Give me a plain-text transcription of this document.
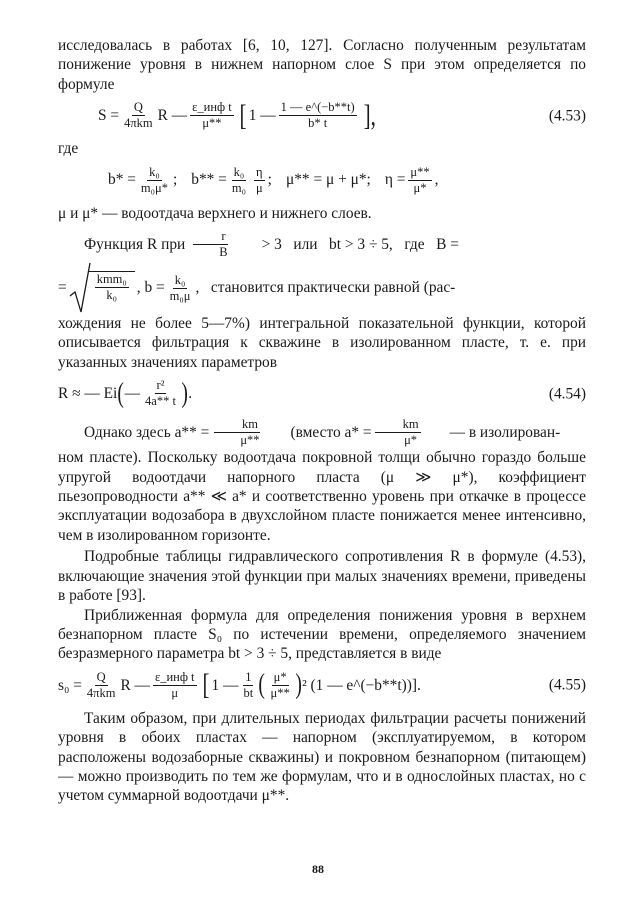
исследовалась в работах [6, 10, 127]. Согласно полученным результатам понижение уровня в нижнем напорном слое S при этом определяется по формуле

$S = \frac{Q}{\text{4πkm}}$ R — $\frac{\text{ε\_инф t}}{\mu**}$ [ 1 — $\frac{1 — e\^{}(-b**t)}{b* t}$ ],	(4.53)

где

$b* = \frac{\text{k₀}}{\text{m₀μ*}}$ ; $b** = \frac{\text{k₀}}{\text{m₀}} \frac{\eta}{\mu}$ ; μ** = μ + μ*; $\eta = \frac{\mu**}{\mu*}$ ,

μ и μ* — водоотдача верхнего и нижнего слоев.

Функция R при $\frac{r}{B}$	> 3   или   bt > 3 ÷ 5,   где   B =
= $\frac{\text{kmm₀}}{\text{k₀}}$ , $b = \frac{\text{k₀}}{\text{m₀μ}}$ ,   становится практически равной (рас-

хождения не более 5—7%) интегральной показательной функции, которой описывается фильтрация к скважине в изолированном пласте, т. е. при указанных значениях параметров

R ≈ — Ei ( — $\frac{\text{r²}}{4a** t}$ ) .	(4.54)
Однако здесь $a** = \frac{km}{\mu**}$	(вместо $a* = \frac{km}{\mu*}$	— в изолирован-

ном пласте). Поскольку водоотдача покровной толщи обычно гораздо больше упругой водоотдачи напорного пласта (μ ≫ μ*), коэффициент пьезопроводности a** ≪ a* и соответственно уровень при откачке в процессе эксплуатации водозабора в двухслойном пласте понижается менее интенсивно, чем в изолированном горизонте.

Подробные таблицы гидравлического сопротивления R в формуле (4.53), включающие значения этой функции при малых значениях времени, приведены в работе [93].

Приближенная формула для определения понижения уровня в верхнем безнапорном пласте S₀ по истечении времени, определяемого значением безразмерного параметра bt > 3 ÷ 5, представляется в виде

$s_0 = \frac{Q}{\text{4πkm}}$ R — $\frac{\text{ε\_инф t}}{\mu}$ [ 1 — $\frac{1}{bt}$ ( $\frac{\mu*}{\mu**}$ ) ² (1 — e^(−b**t)) ].	(4.55)

Таким образом, при длительных периодах фильтрации расчеты понижений уровня в обоих пластах — напорном (эксплуатируемом, в котором расположены водозаборные скважины) и покровном безнапорном (питающем) — можно производить по тем же формулам, что и в однослойных пластах, но с учетом суммарной водоотдачи μ**.

88
